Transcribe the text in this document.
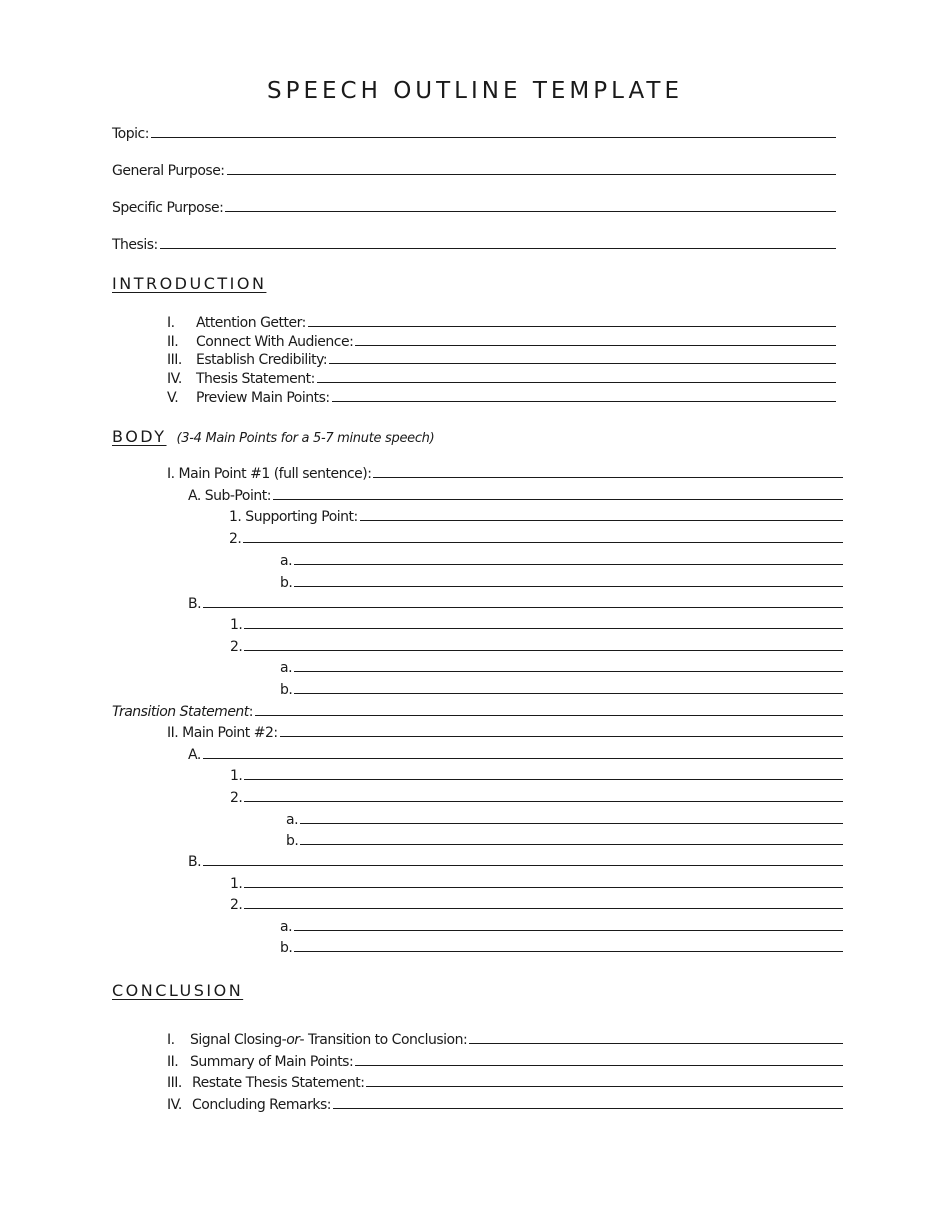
SPEECH OUTLINE TEMPLATE
Topic:
General Purpose:
Specific Purpose:
Thesis:
INTRODUCTION
I.	Attention Getter:
II.	Connect With Audience:
III.	Establish Credibility:
IV.	Thesis Statement:
V.	Preview Main Points:
BODY (3-4 Main Points for a 5-7 minute speech)
I. Main Point #1 (full sentence):
A. Sub-Point:
1. Supporting Point:
2.
a.
b.
B.
1.
2.
a.
b.
Transition Statement :
II. Main Point #2:
A.
1.
2.
a.
b.
B.
1.
2.
a.
b.
CONCLUSION
I.	Signal Closing- or - Transition to Conclusion:
II. Summary of Main Points:
III. Restate Thesis Statement:
IV. Concluding Remarks:
